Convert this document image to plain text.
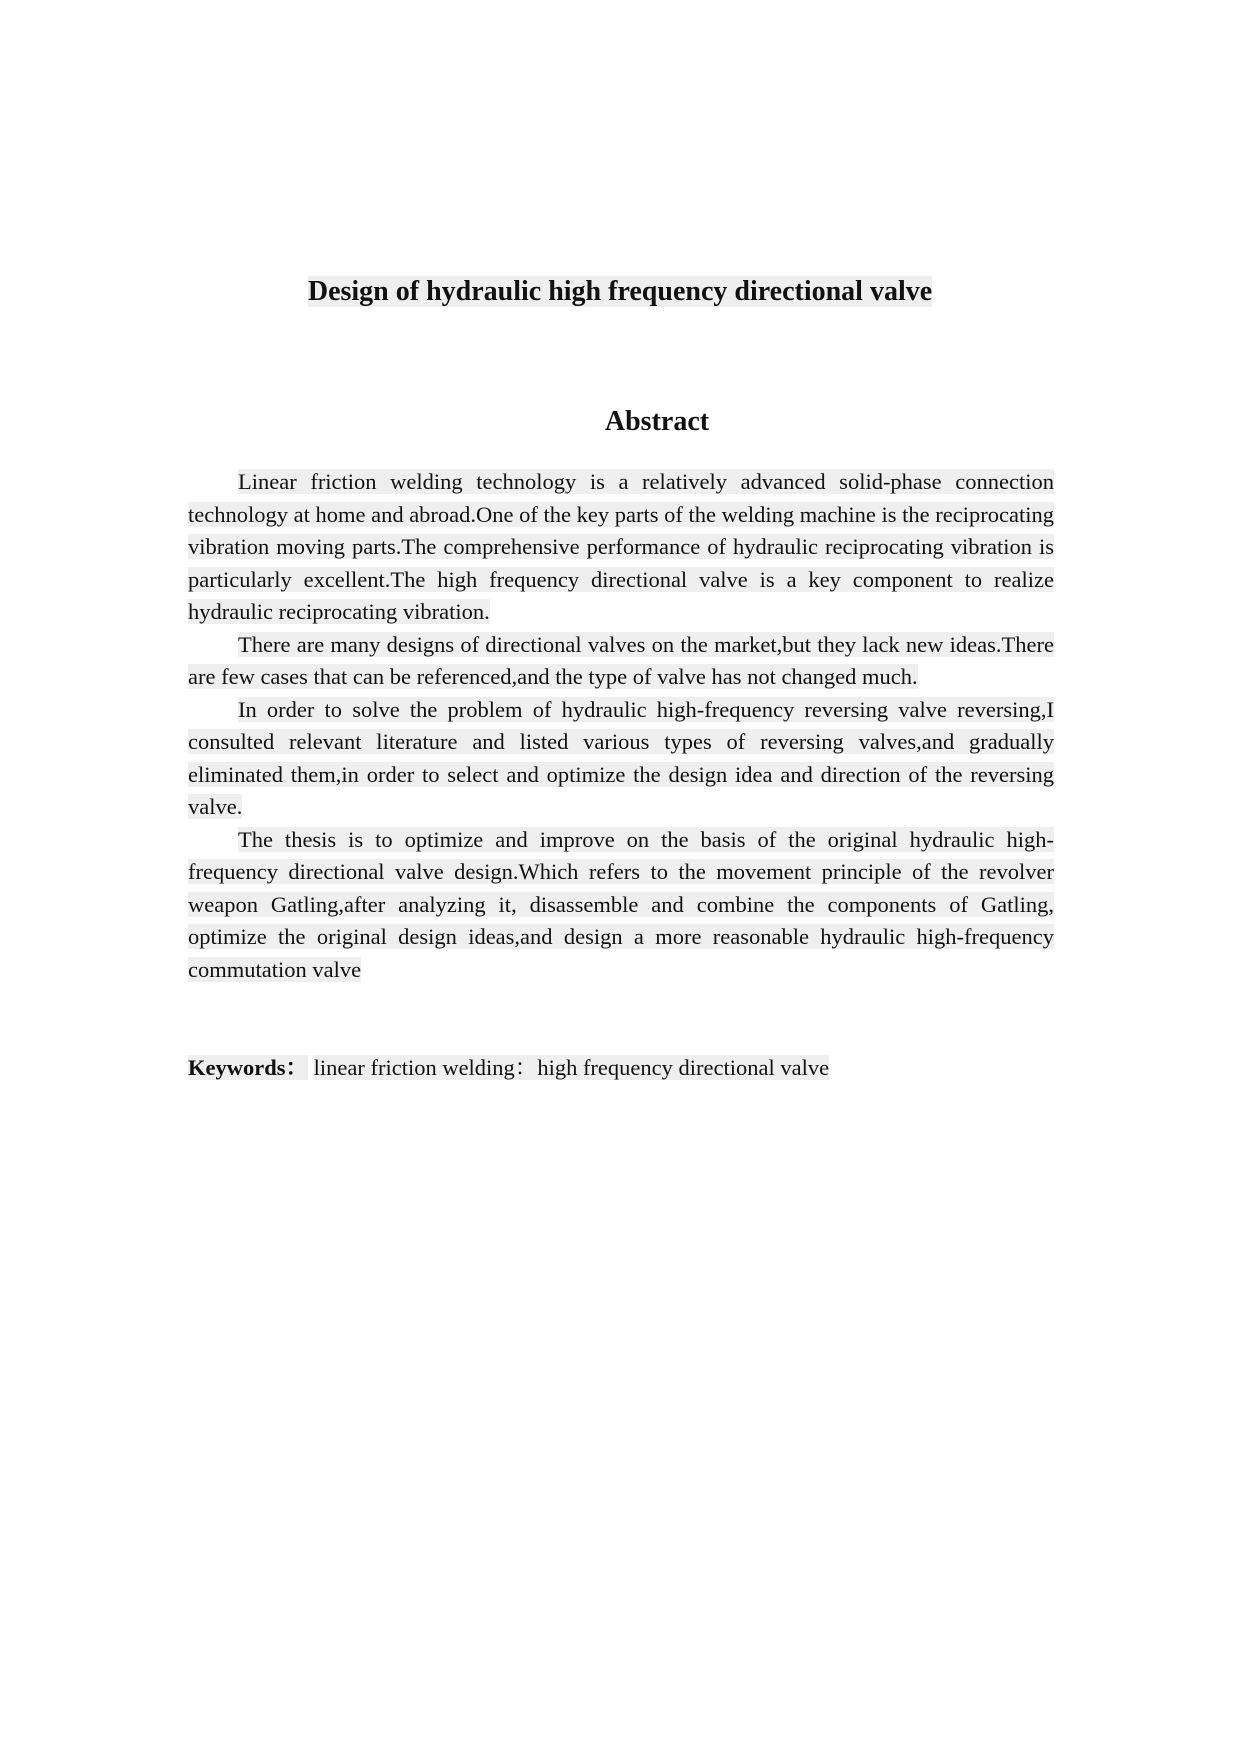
Design of hydraulic high frequency directional valve
Abstract

Linear friction welding technology is a relatively advanced solid-phase connection technology at home and abroad.One of the key parts of the welding machine is the reciprocating vibration moving parts.The comprehensive performance of hydraulic reciprocating vibration is particularly excellent.The high frequency directional valve is a key component to realize hydraulic reciprocating vibration.

There are many designs of directional valves on the market,but they lack new ideas.There are few cases that can be referenced,and the type of valve has not changed much.

In order to solve the problem of hydraulic high-frequency reversing valve reversing,I consulted relevant literature and listed various types of reversing valves,and gradually eliminated them,in order to select and optimize the design idea and direction of the reversing valve.

The thesis is to optimize and improve on the basis of the original hydraulic high-frequency directional valve design.Which refers to the movement principle of the revolver weapon Gatling,after analyzing it, disassemble and combine the components of Gatling, optimize the original design ideas,and design a more reasonable hydraulic high-frequency commutation valve

Keywords： linear friction welding：high frequency directional valve
